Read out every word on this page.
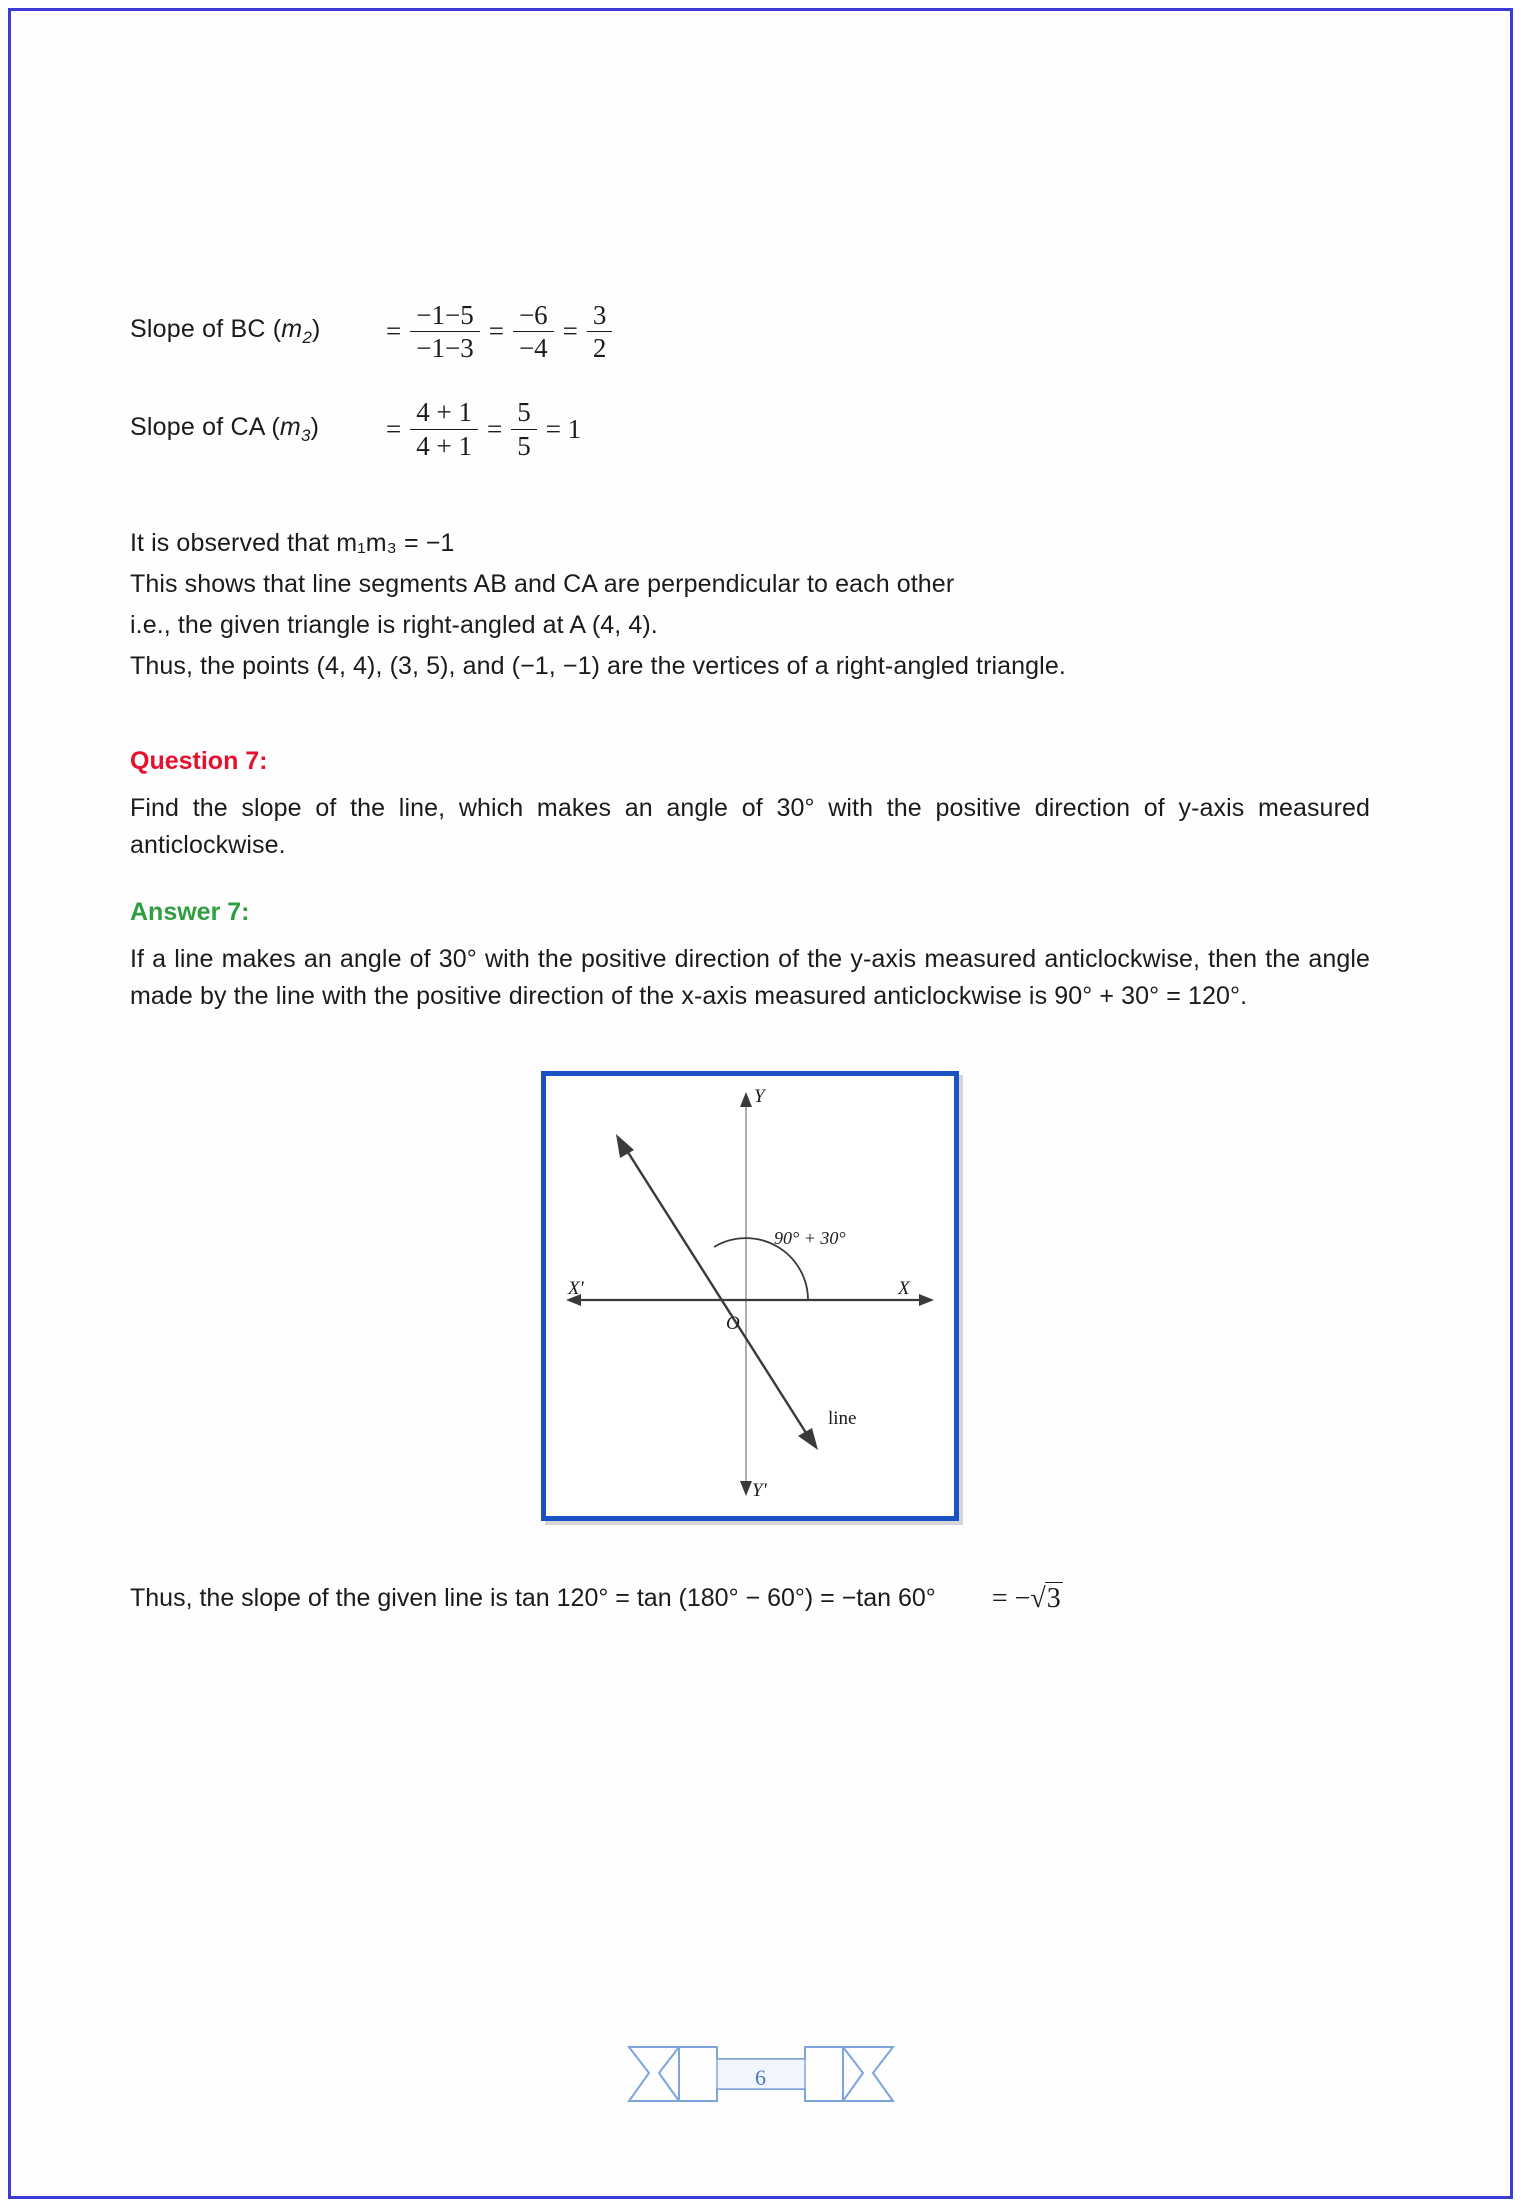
Slope of BC $(m_2)$	= $\frac{-1-5}{-1-3} = \frac{-6}{-4} = \frac{3}{2}$
Slope of CA $(m_3)$	= $\frac{4 + 1}{4 + 1} = \frac{5}{5} = 1$

It is observed that m₁m₃ = −1

This shows that line segments AB and CA are perpendicular to each other

i.e., the given triangle is right-angled at A (4, 4).

Thus, the points (4, 4), (3, 5), and (−1, −1) are the vertices of a right-angled triangle.

Question 7:

Find the slope of the line, which makes an angle of 30° with the positive direction of y-axis measured anticlockwise.

Answer 7:

If a line makes an angle of 30° with the positive direction of the y-axis measured anticlockwise, then the angle made by the line with the positive direction of the x-axis measured anticlockwise is 90° + 30° = 120°.

Y
Y'
X
X'
O
90° + 30°
line
Thus, the slope of the given line is tan 120° = tan (180° − 60°) = −tan 60° = −√3
6
